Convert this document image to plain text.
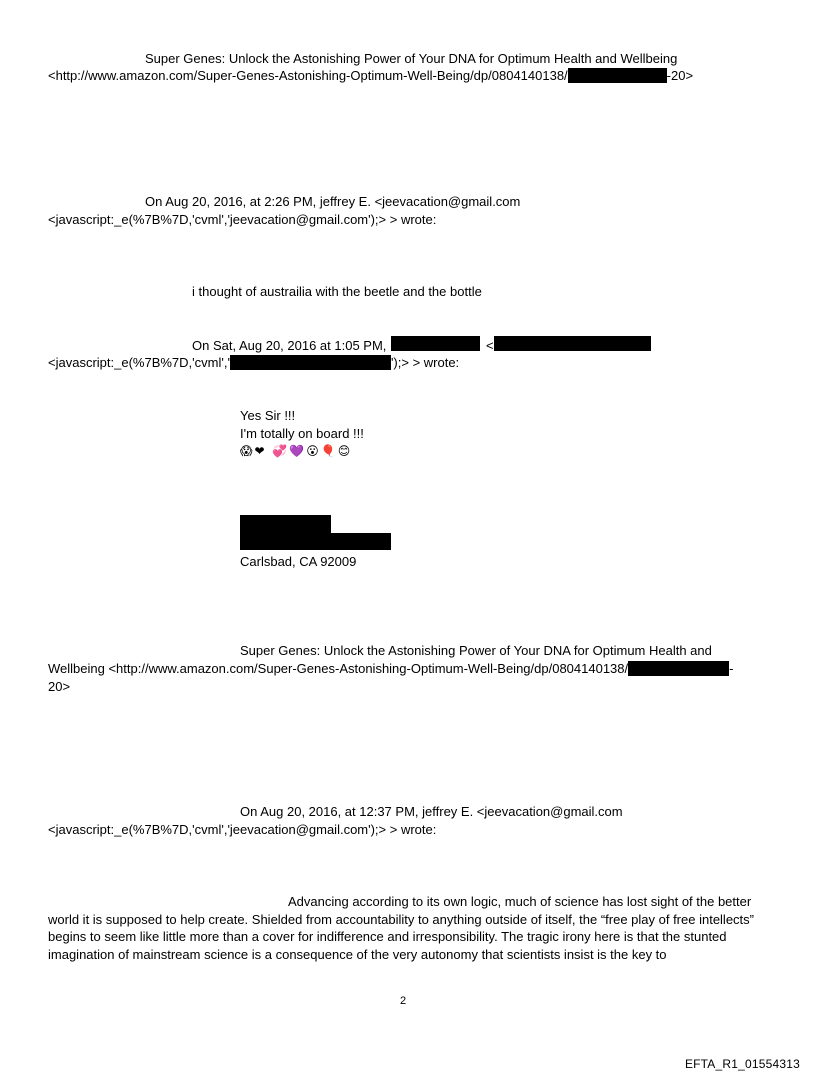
Super Genes: Unlock the Astonishing Power of Your DNA for Optimum Health and Wellbeing
<http://www.amazon.com/Super-Genes-Astonishing-Optimum-Well-Being/dp/0804140138/	-20>
On Aug 20, 2016, at 2:26 PM, jeffrey E. <jeevacation@gmail.com
<javascript:_e(%7B%7D,'cvml','jeevacation@gmail.com');> > wrote:
i thought of austrailia with the beetle and the bottle
On Sat, Aug 20, 2016 at 1:05 PM,	<
<javascript:_e(%7B%7D,'cvml','	');> > wrote:
Yes Sir !!!
I'm totally on board !!!
😱❤ 💞💜😮🎈😊
Carlsbad, CA 92009
Super Genes: Unlock the Astonishing Power of Your DNA for Optimum Health and
Wellbeing <http://www.amazon.com/Super-Genes-Astonishing-Optimum-Well-Being/dp/0804140138/	-
20>
On Aug 20, 2016, at 12:37 PM, jeffrey E. <jeevacation@gmail.com
<javascript:_e(%7B%7D,'cvml','jeevacation@gmail.com');> > wrote:
Advancing according to its own logic, much of science has lost sight of the better world it is supposed to help create. Shielded from accountability to anything outside of itself, the “free play of free intellects” begins to seem like little more than a cover for indifference and irresponsibility. The tragic irony here is that the stunted imagination of mainstream science is a consequence of the very autonomy that scientists insist is the key to
2
EFTA_R1_01554313
